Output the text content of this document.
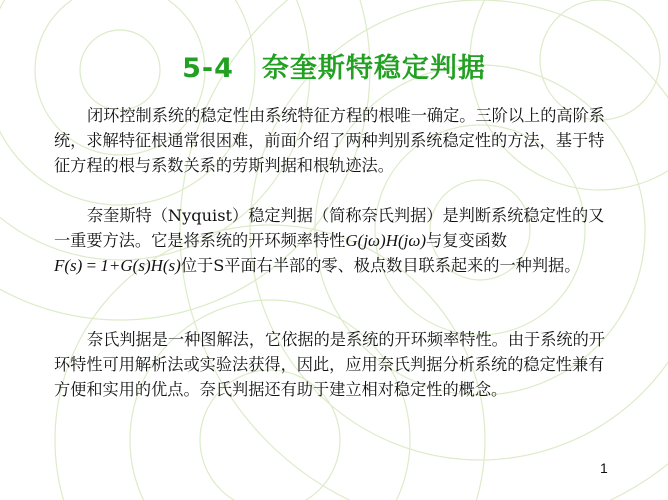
5-4　奈奎斯特稳定判据

闭环控制系统的稳定性由系统特征方程的根唯一确定。三阶以上的高阶系统，求解特征根通常很困难，前面介绍了两种判别系统稳定性的方法，基于特征方程的根与系数关系的劳斯判据和根轨迹法。

奈奎斯特（Nyquist）稳定判据（简称奈氏判据）是判断系统稳定性的又一重要方法。它是将系统的开环频率特性G(jω)H(jω)与复变函数 F(s) = 1+G(s)H(s)位于S平面右半部的零、极点数目联系起来的一种判据。

奈氏判据是一种图解法，它依据的是系统的开环频率特性。由于系统的开环特性可用解析法或实验法获得，因此，应用奈氏判据分析系统的稳定性兼有方便和实用的优点。奈氏判据还有助于建立相对稳定性的概念。

1
